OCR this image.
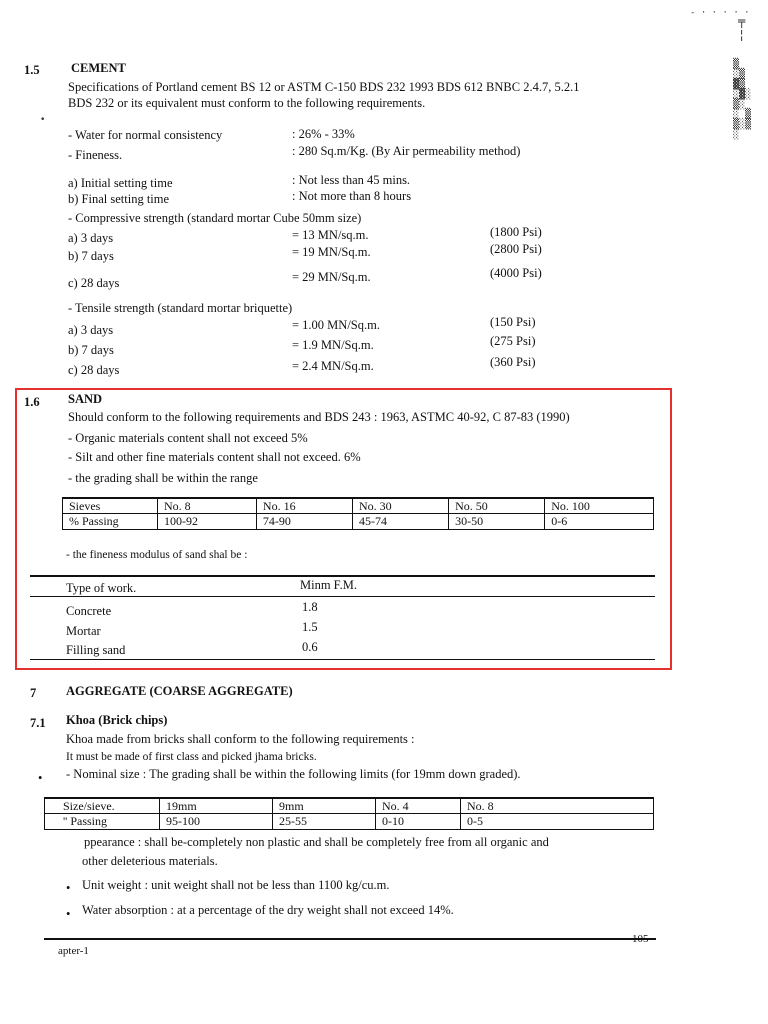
- · · · · ·
╤
¦
▒
░▒
▓▒
░▓░
▒░
░ ▒
▒░▒
░
•
1.5	CEMENT
Specifications of Portland cement BS 12 or ASTM C-150 BDS 232 1993 BDS 612 BNBC 2.4.7, 5.2.1
BDS 232 or its equivalent must conform to the following requirements.
- Water for normal consistency	: 26% - 33%
- Fineness.	: 280 Sq.m/Kg. (By Air permeability method)
a) Initial setting time	: Not less than 45 mins.
b) Final setting time	: Not more than 8 hours
- Compressive strength (standard mortar Cube 50mm size)
a) 3 days	= 13 MN/sq.m.	(1800 Psi)
b) 7 days	= 19 MN/Sq.m.	(2800 Psi)
c) 28 days	= 29 MN/Sq.m.	(4000 Psi)
- Tensile strength (standard mortar briquette)
a) 3 days	= 1.00 MN/Sq.m.	(150 Psi)
b) 7 days	= 1.9 MN/Sq.m.	(275 Psi)
c) 28 days	= 2.4 MN/Sq.m.	(360 Psi)
1.6 SAND
Should conform to the following requirements and BDS 243 : 1963, ASTMC 40-92, C 87-83 (1990)
- Organic materials content shall not exceed 5%
- Silt and other fine materials content shall not exceed. 6%
- the grading shall be within the range
Sieves	No. 8	No. 16	No. 30	No. 50	No. 100
% Passing	100-92	74-90	45-74	30-50	0-6
- the fineness modulus of sand shal be :
Type of work.	Minm F.M.
Concrete	1.8
Mortar	1.5
Filling sand	0.6
7 AGGREGATE (COARSE AGGREGATE)
7.1 Khoa (Brick chips)
Khoa made from bricks shall conform to the following requirements :
It must be made of first class and picked jhama bricks.
• - Nominal size : The grading shall be within the following limits (for 19mm down graded).
Size/sieve.	19mm	9mm	No. 4	No. 8
'' Passing	95-100	25-55	0-10	0-5
ppearance : shall be-completely non plastic and shall be completely free from all organic and
other deleterious materials.
• Unit weight : unit weight shall not be less than 1100 kg/cu.m.
• Water absorption : at a percentage of the dry weight shall not exceed 14%.
apter-1
105
